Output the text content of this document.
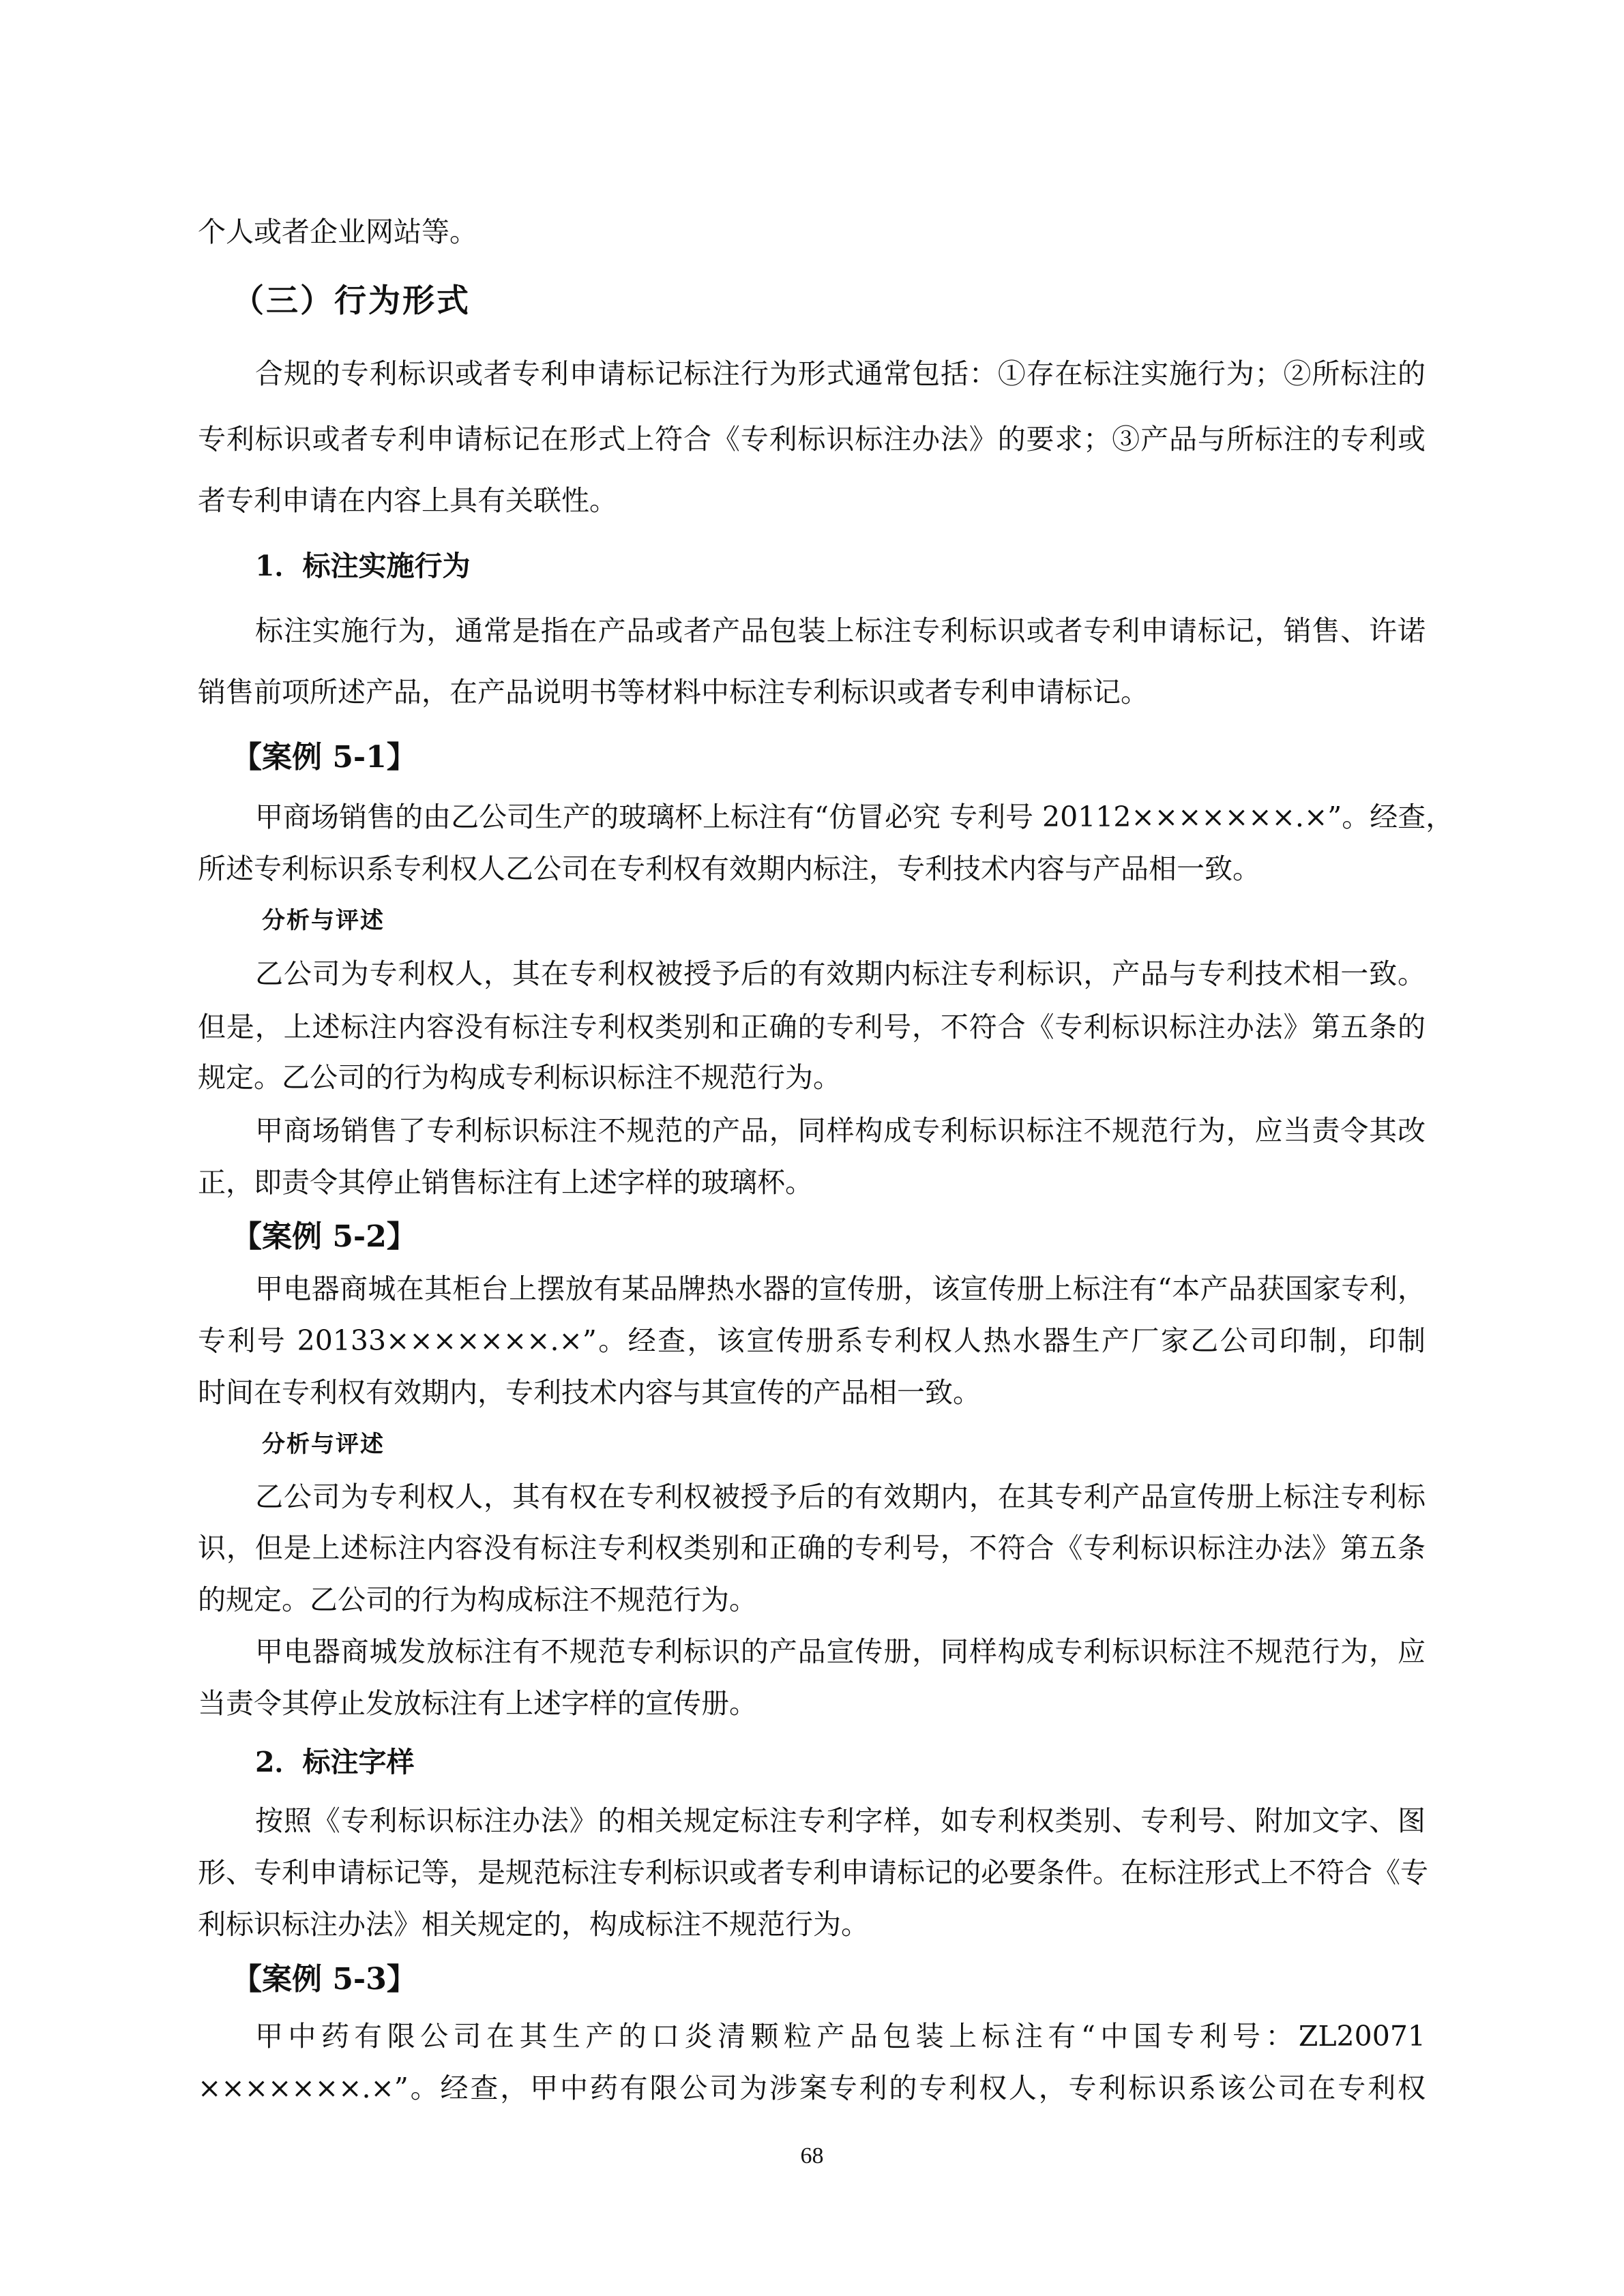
个人或者企业网站等。
（三）行为形式
合规的专利标识或者专利申请标记标注行为形式通常包括：①存在标注实施行为；②所标注的
专利标识或者专利申请标记在形式上符合《专利标识标注办法》的要求；③产品与所标注的专利或
者专利申请在内容上具有关联性。
1．标注实施行为
标注实施行为，通常是指在产品或者产品包装上标注专利标识或者专利申请标记，销售、许诺
销售前项所述产品，在产品说明书等材料中标注专利标识或者专利申请标记。
【案例 5-1】
甲商场销售的由乙公司生产的玻璃杯上标注有“仿冒必究 专利号 20112×××××××.×”。经查，
所述专利标识系专利权人乙公司在专利权有效期内标注，专利技术内容与产品相一致。
分析与评述
乙公司为专利权人，其在专利权被授予后的有效期内标注专利标识，产品与专利技术相一致。
但是，上述标注内容没有标注专利权类别和正确的专利号，不符合《专利标识标注办法》第五条的
规定。乙公司的行为构成专利标识标注不规范行为。
甲商场销售了专利标识标注不规范的产品，同样构成专利标识标注不规范行为，应当责令其改
正，即责令其停止销售标注有上述字样的玻璃杯。
【案例 5-2】
甲电器商城在其柜台上摆放有某品牌热水器的宣传册，该宣传册上标注有“本产品获国家专利，
专利号 20133×××××××.×”。经查，该宣传册系专利权人热水器生产厂家乙公司印制，印制
时间在专利权有效期内，专利技术内容与其宣传的产品相一致。
分析与评述
乙公司为专利权人，其有权在专利权被授予后的有效期内，在其专利产品宣传册上标注专利标
识，但是上述标注内容没有标注专利权类别和正确的专利号，不符合《专利标识标注办法》第五条
的规定。乙公司的行为构成标注不规范行为。
甲电器商城发放标注有不规范专利标识的产品宣传册，同样构成专利标识标注不规范行为，应
当责令其停止发放标注有上述字样的宣传册。
2．标注字样
按照《专利标识标注办法》的相关规定标注专利字样，如专利权类别、专利号、附加文字、图
形、专利申请标记等，是规范标注专利标识或者专利申请标记的必要条件。在标注形式上不符合《专
利标识标注办法》相关规定的，构成标注不规范行为。
【案例 5-3】
甲中药有限公司在其生产的口炎清颗粒产品包装上标注有“中国专利号：ZL20071
×××××××.×”。经查，甲中药有限公司为涉案专利的专利权人，专利标识系该公司在专利权
68
